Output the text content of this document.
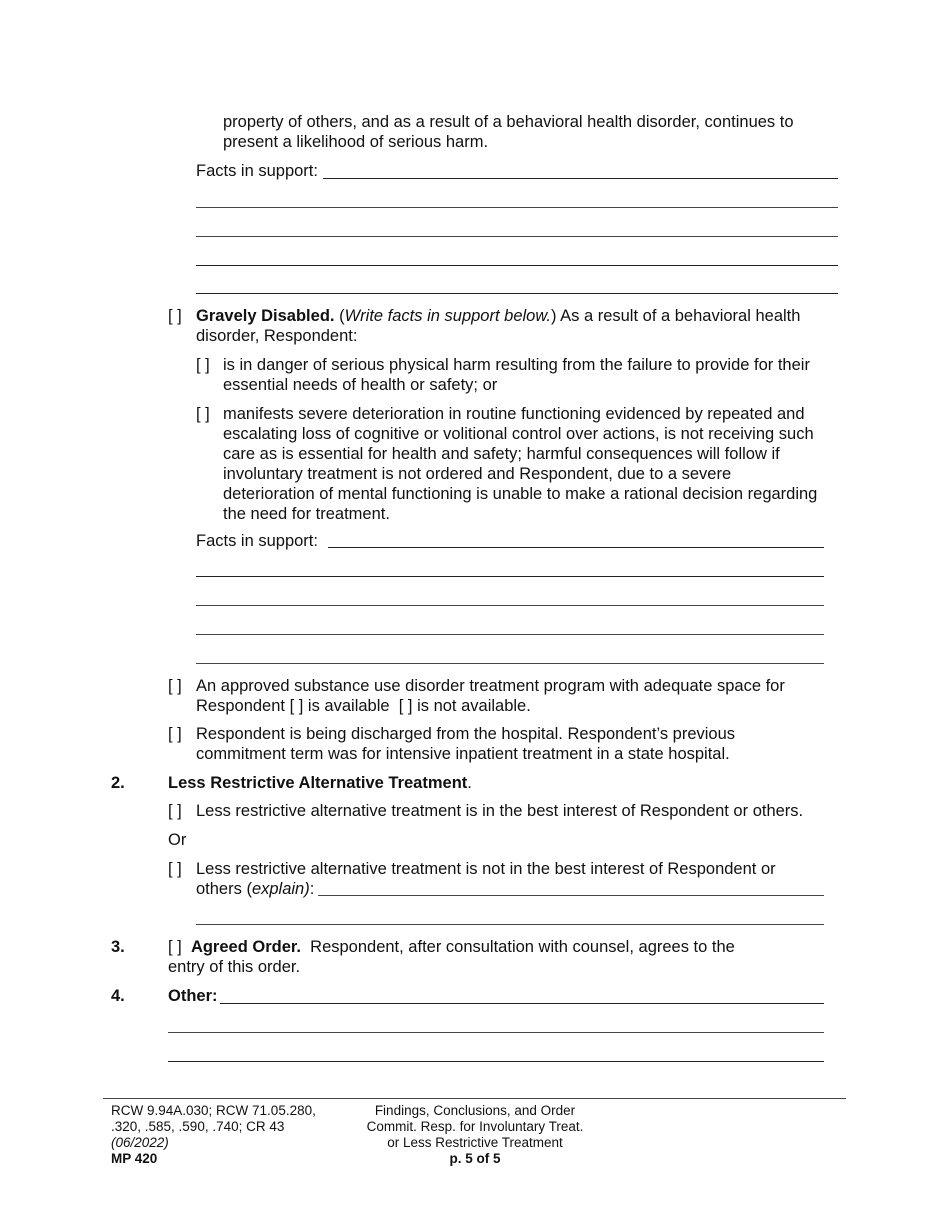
property of others, and as a result of a behavioral health disorder, continues to
present a likelihood of serious harm.
Facts in support:
[ ] Gravely Disabled. (Write facts in support below.) As a result of a behavioral health
disorder, Respondent:
[ ] is in danger of serious physical harm resulting from the failure to provide for their
essential needs of health or safety; or
[ ] manifests severe deterioration in routine functioning evidenced by repeated and
escalating loss of cognitive or volitional control over actions, is not receiving such
care as is essential for health and safety; harmful consequences will follow if
involuntary treatment is not ordered and Respondent, due to a severe
deterioration of mental functioning is unable to make a rational decision regarding
the need for treatment.
Facts in support:
[ ] An approved substance use disorder treatment program with adequate space for
Respondent [ ] is available  [ ] is not available.
[ ] Respondent is being discharged from the hospital. Respondent’s previous
commitment term was for intensive inpatient treatment in a state hospital.
2.	Less Restrictive Alternative Treatment.
[ ] Less restrictive alternative treatment is in the best interest of Respondent or others.
Or
[ ] Less restrictive alternative treatment is not in the best interest of Respondent or
others (explain):
3.	[ ] Agreed Order.  Respondent, after consultation with counsel, agrees to the
entry of this order.
4.	Other:
RCW 9.94A.030; RCW 71.05.280,
.320, .585, .590, .740; CR 43
(06/2022)
MP 420
Findings, Conclusions, and Order
Commit. Resp. for Involuntary Treat.
or Less Restrictive Treatment
p. 5 of 5
